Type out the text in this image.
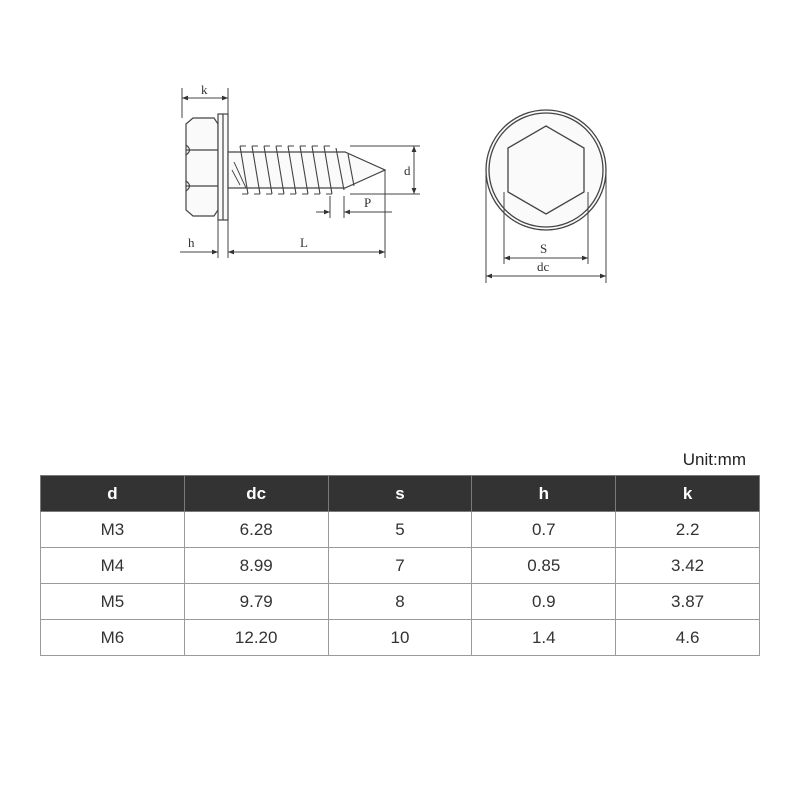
k
d
P
h	L	S
dc
Unit:mm
d	dc	s	h	k
M3	6.28	5	0.7	2.2
M4	8.99	7	0.85	3.42
M5	9.79	8	0.9	3.87
M6	12.20	10	1.4	4.6
